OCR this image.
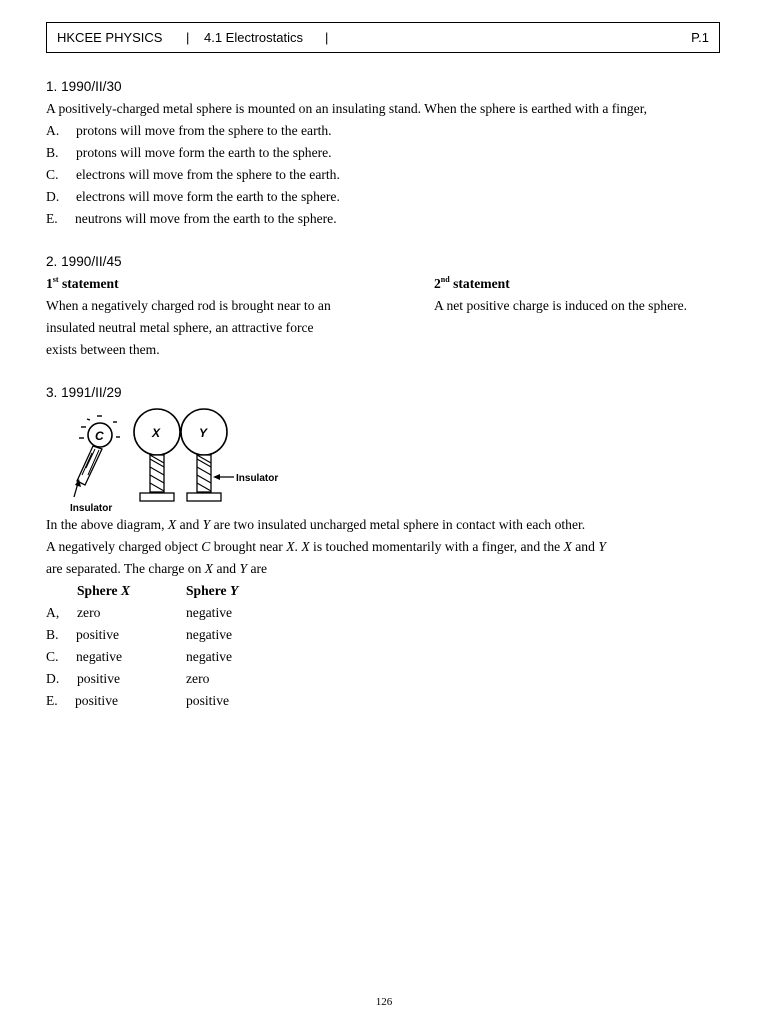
HKCEE PHYSICS | 4.1 Electrostatics |	P.1
1. 1990/II/30
A positively-charged metal sphere is mounted on an insulating stand. When the sphere is earthed with a finger,
A. protons will move from the sphere to the earth.
B. protons will move form the earth to the sphere.
C. electrons will move from the sphere to the earth.
D. electrons will move form the earth to the sphere.
E. neutrons will move from the earth to the sphere.
2. 1990/II/45
1st statement	2nd statement
When a negatively charged rod is brought near to an
insulated neutral metal sphere, an attractive force
exists between them.
A net positive charge is induced on the sphere.
3. 1991/II/29
C
Insulator
X	Y
Insulator
In the above diagram, X and Y are two insulated uncharged metal sphere in contact with each other.
A negatively charged object C brought near X. X is touched momentarily with a finger, and the X and Y
are separated. The charge on X and Y are
Sphere X	Sphere Y
A, zero	negative
B. positive	negative
C. negative	negative
D. positive	zero
E. positive	positive
126
